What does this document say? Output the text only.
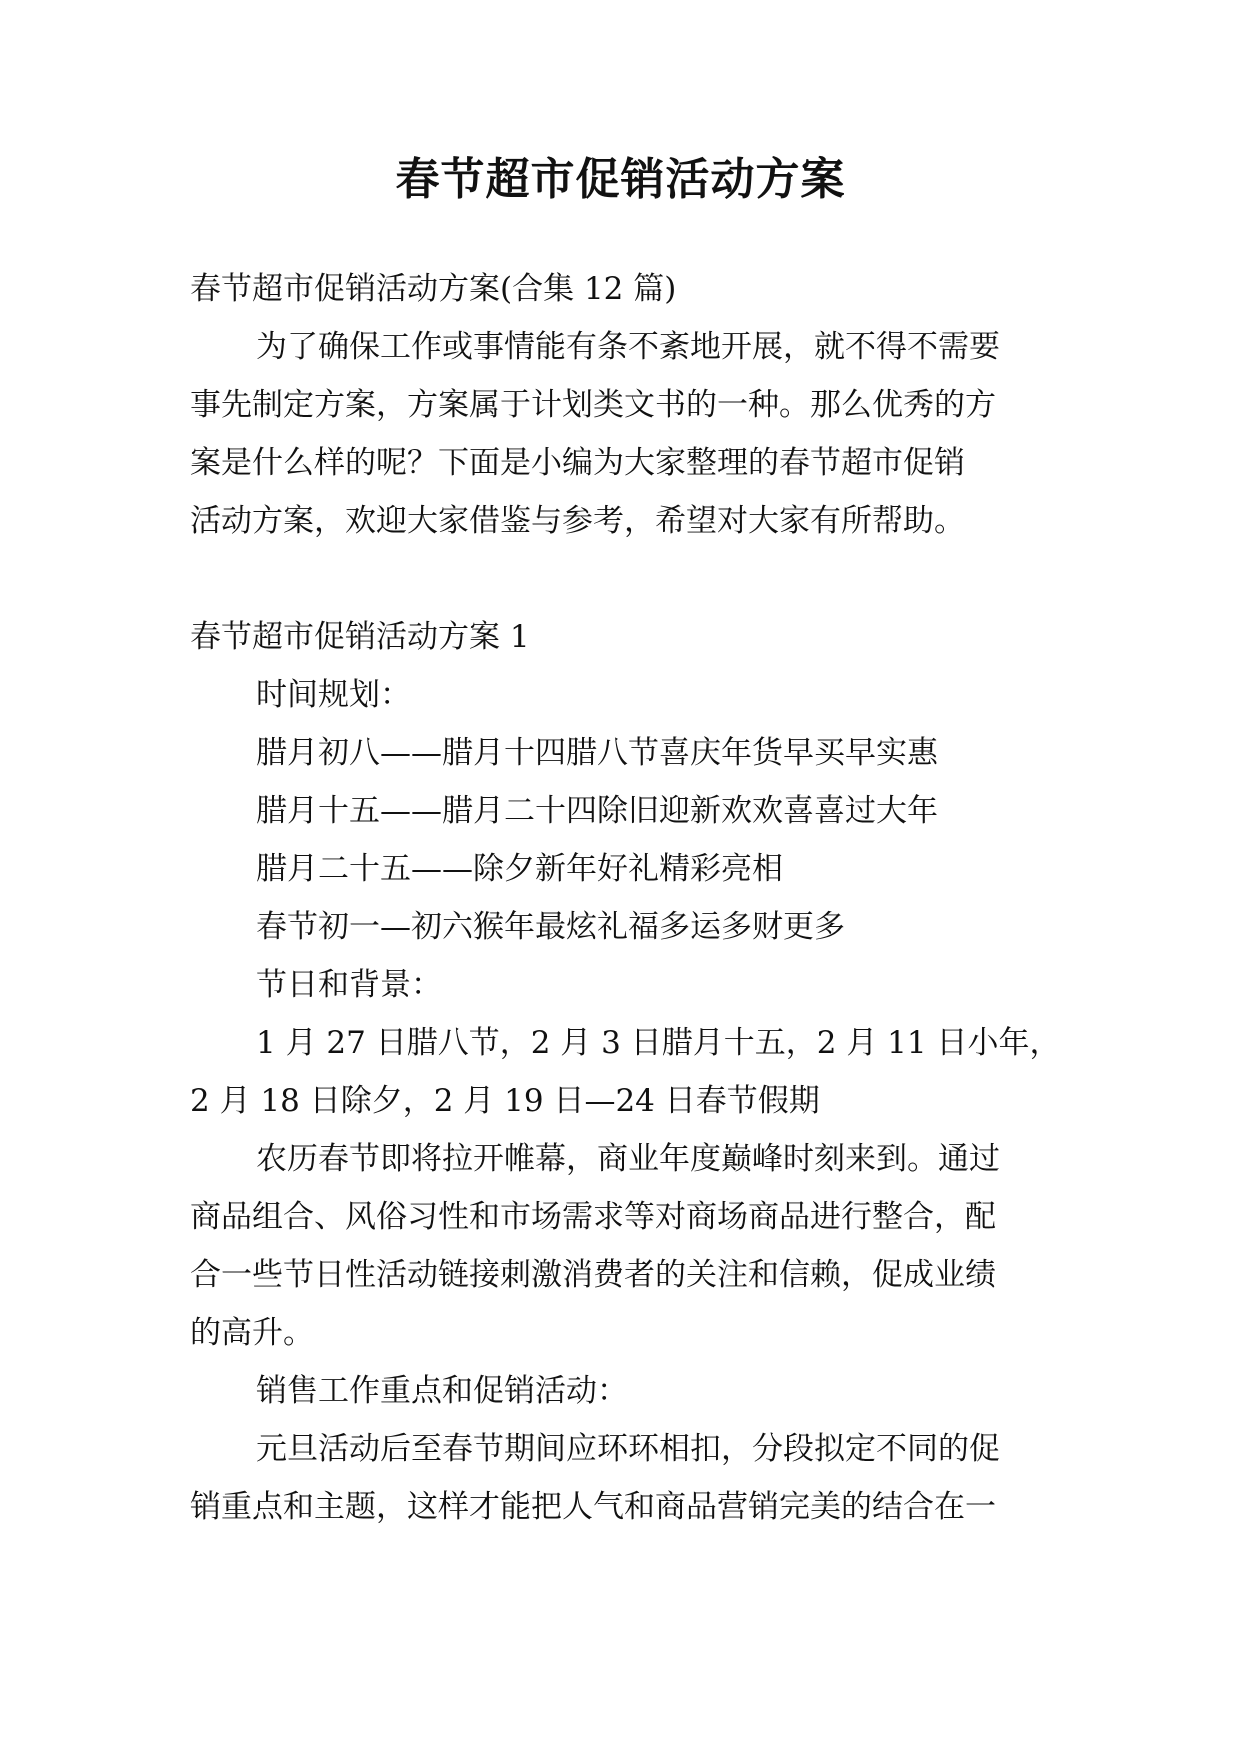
春节超市促销活动方案

春节超市促销活动方案(合集 12 篇)

为了确保工作或事情能有条不紊地开展，就不得不需要

事先制定方案，方案属于计划类文书的一种。那么优秀的方

案是什么样的呢？下面是小编为大家整理的春节超市促销

活动方案，欢迎大家借鉴与参考，希望对大家有所帮助。

春节超市促销活动方案 1

时间规划：

腊月初八——腊月十四腊八节喜庆年货早买早实惠

腊月十五——腊月二十四除旧迎新欢欢喜喜过大年

腊月二十五——除夕新年好礼精彩亮相

春节初一—初六猴年最炫礼福多运多财更多

节日和背景：

1 月 27 日腊八节，2 月 3 日腊月十五，2 月 11 日小年，

2 月 18 日除夕，2 月 19 日—24 日春节假期

农历春节即将拉开帷幕，商业年度巅峰时刻来到。通过

商品组合、风俗习性和市场需求等对商场商品进行整合，配

合一些节日性活动链接刺激消费者的关注和信赖，促成业绩

的高升。

销售工作重点和促销活动：

元旦活动后至春节期间应环环相扣，分段拟定不同的促

销重点和主题，这样才能把人气和商品营销完美的结合在一
